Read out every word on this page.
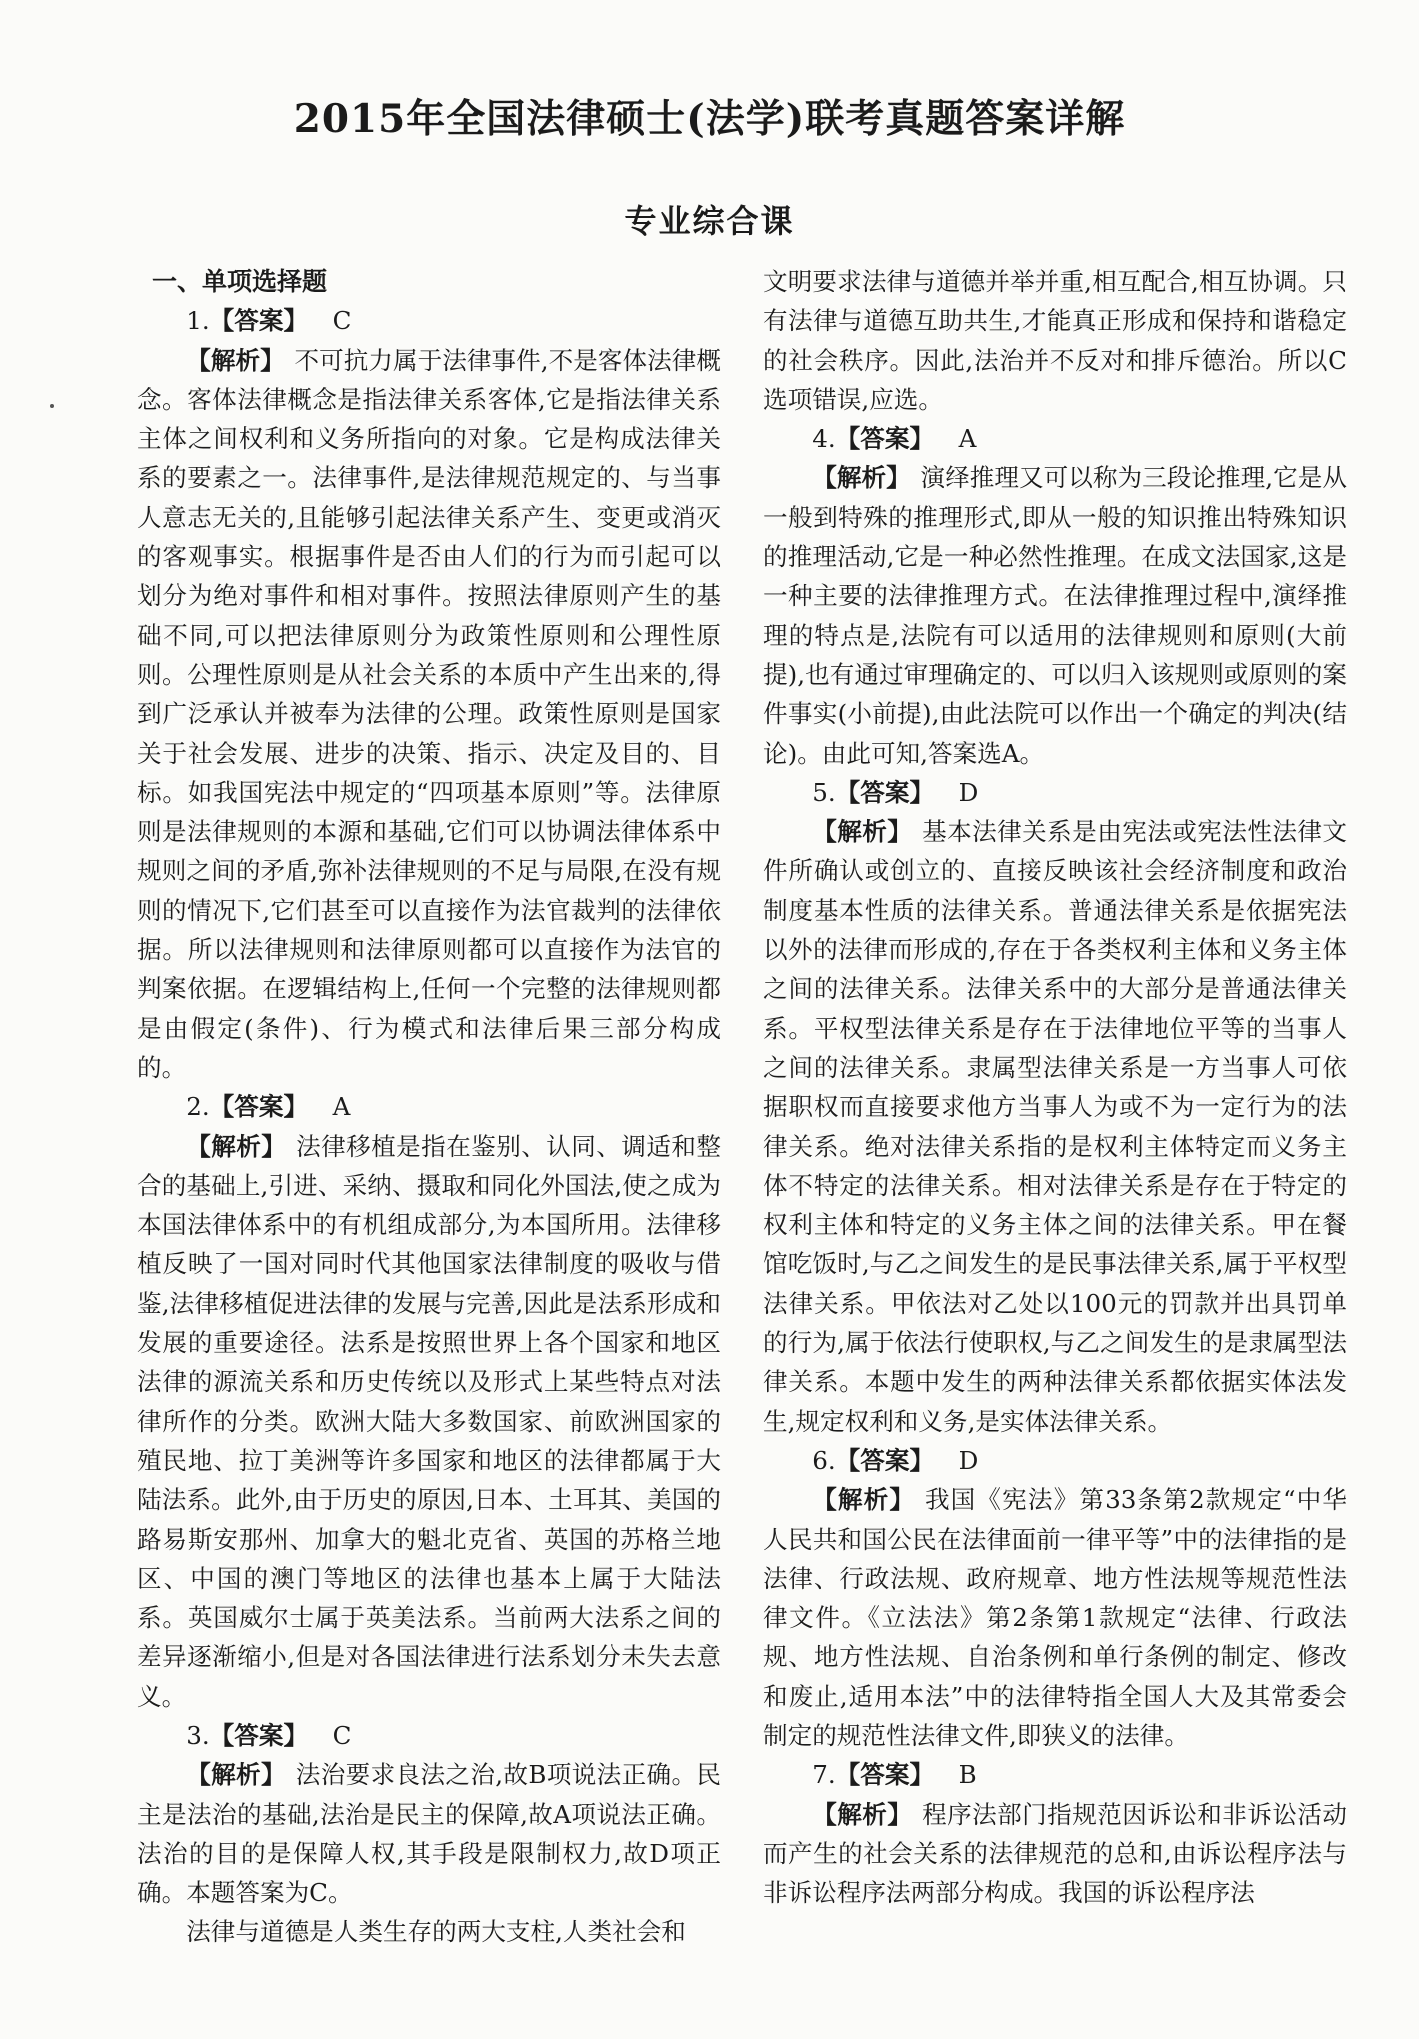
2015年全国法律硕士(法学)联考真题答案详解
专业综合课

一、单项选择题

1.【答案】 C

【解析】 不可抗力属于法律事件,不是客体法律概念。客体法律概念是指法律关系客体,它是指法律关系主体之间权利和义务所指向的对象。它是构成法律关系的要素之一。法律事件,是法律规范规定的、与当事人意志无关的,且能够引起法律关系产生、变更或消灭的客观事实。根据事件是否由人们的行为而引起可以划分为绝对事件和相对事件。按照法律原则产生的基础不同,可以把法律原则分为政策性原则和公理性原则。公理性原则是从社会关系的本质中产生出来的,得到广泛承认并被奉为法律的公理。政策性原则是国家关于社会发展、进步的决策、指示、决定及目的、目标。如我国宪法中规定的“四项基本原则”等。法律原则是法律规则的本源和基础,它们可以协调法律体系中规则之间的矛盾,弥补法律规则的不足与局限,在没有规则的情况下,它们甚至可以直接作为法官裁判的法律依据。所以法律规则和法律原则都可以直接作为法官的判案依据。在逻辑结构上,任何一个完整的法律规则都是由假定(条件)、行为模式和法律后果三部分构成的。

2.【答案】 A

【解析】 法律移植是指在鉴别、认同、调适和整合的基础上,引进、采纳、摄取和同化外国法,使之成为本国法律体系中的有机组成部分,为本国所用。法律移植反映了一国对同时代其他国家法律制度的吸收与借鉴,法律移植促进法律的发展与完善,因此是法系形成和发展的重要途径。法系是按照世界上各个国家和地区法律的源流关系和历史传统以及形式上某些特点对法律所作的分类。欧洲大陆大多数国家、前欧洲国家的殖民地、拉丁美洲等许多国家和地区的法律都属于大陆法系。此外,由于历史的原因,日本、土耳其、美国的路易斯安那州、加拿大的魁北克省、英国的苏格兰地区、中国的澳门等地区的法律也基本上属于大陆法系。英国威尔士属于英美法系。当前两大法系之间的差异逐渐缩小,但是对各国法律进行法系划分未失去意义。

3.【答案】 C

【解析】 法治要求良法之治,故B项说法正确。民主是法治的基础,法治是民主的保障,故A项说法正确。法治的目的是保障人权,其手段是限制权力,故D项正确。本题答案为C。

法律与道德是人类生存的两大支柱,人类社会和

文明要求法律与道德并举并重,相互配合,相互协调。只有法律与道德互助共生,才能真正形成和保持和谐稳定的社会秩序。因此,法治并不反对和排斥德治。所以C选项错误,应选。

4.【答案】 A

【解析】 演绎推理又可以称为三段论推理,它是从一般到特殊的推理形式,即从一般的知识推出特殊知识的推理活动,它是一种必然性推理。在成文法国家,这是一种主要的法律推理方式。在法律推理过程中,演绎推理的特点是,法院有可以适用的法律规则和原则(大前提),也有通过审理确定的、可以归入该规则或原则的案件事实(小前提),由此法院可以作出一个确定的判决(结论)。由此可知,答案选A。

5.【答案】 D

【解析】 基本法律关系是由宪法或宪法性法律文件所确认或创立的、直接反映该社会经济制度和政治制度基本性质的法律关系。普通法律关系是依据宪法以外的法律而形成的,存在于各类权利主体和义务主体之间的法律关系。法律关系中的大部分是普通法律关系。平权型法律关系是存在于法律地位平等的当事人之间的法律关系。隶属型法律关系是一方当事人可依据职权而直接要求他方当事人为或不为一定行为的法律关系。绝对法律关系指的是权利主体特定而义务主体不特定的法律关系。相对法律关系是存在于特定的权利主体和特定的义务主体之间的法律关系。甲在餐馆吃饭时,与乙之间发生的是民事法律关系,属于平权型法律关系。甲依法对乙处以100元的罚款并出具罚单的行为,属于依法行使职权,与乙之间发生的是隶属型法律关系。本题中发生的两种法律关系都依据实体法发生,规定权利和义务,是实体法律关系。

6.【答案】 D

【解析】 我国《宪法》第33条第2款规定“中华人民共和国公民在法律面前一律平等”中的法律指的是法律、行政法规、政府规章、地方性法规等规范性法律文件。《立法法》第2条第1款规定“法律、行政法规、地方性法规、自治条例和单行条例的制定、修改和废止,适用本法”中的法律特指全国人大及其常委会制定的规范性法律文件,即狭义的法律。

7.【答案】 B

【解析】 程序法部门指规范因诉讼和非诉讼活动而产生的社会关系的法律规范的总和,由诉讼程序法与非诉讼程序法两部分构成。我国的诉讼程序法
